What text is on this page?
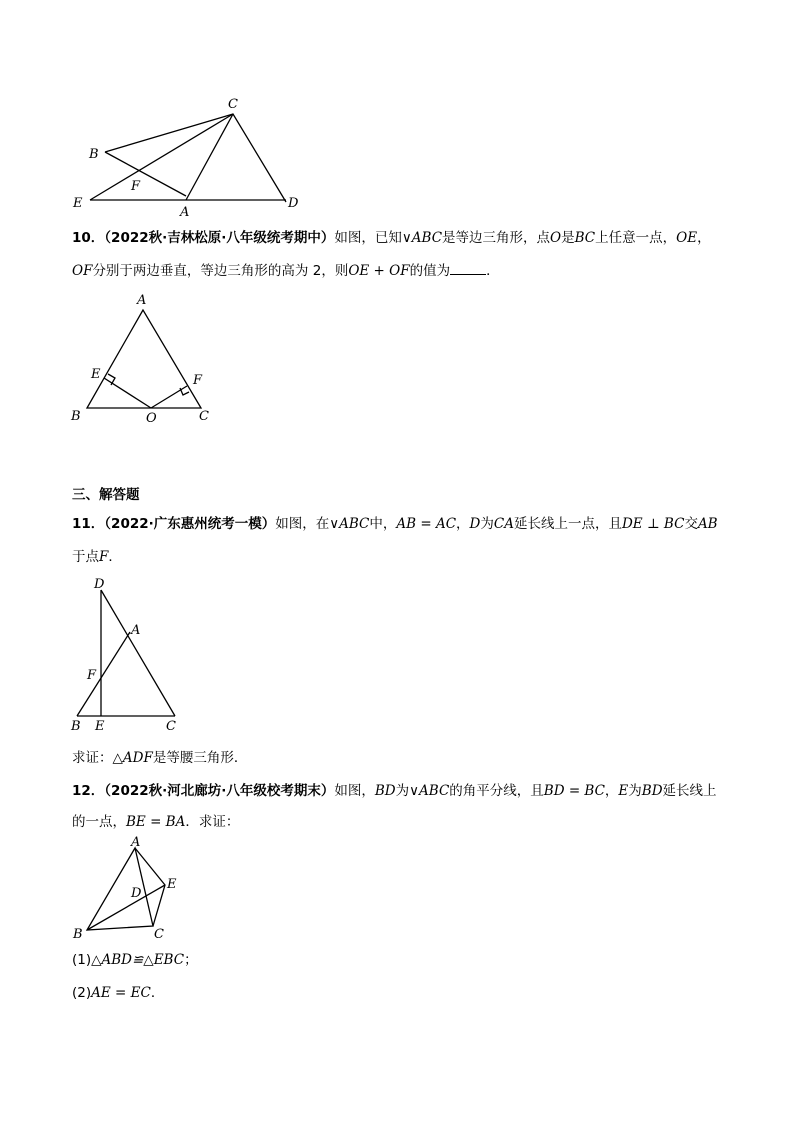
C
B
F
E
A
D
10．（2022秋·吉林松原·八年级统考期中）如图，已知∨ABC是等边三角形，点O是BC上任意一点，OE，
OF分别于两边垂直，等边三角形的高为 2，则OE + OF的值为	．
A
E	F
B	O	C
三、解答题
11．（2022·广东惠州统考一模）如图，在∨ABC中，AB = AC，D为CA延长线上一点，且DE ⊥ BC交AB
于点F．
D
A
F
B E	C
求证：△ADF是等腰三角形．
12．（2022秋·河北廊坊·八年级校考期末）如图，BD为∨ABC的角平分线，且BD = BC，E为BD延长线上
的一点，BE = BA．求证：
A
E
D
B	C
(1)△ABD≌△EBC；
(2)AE = EC．
